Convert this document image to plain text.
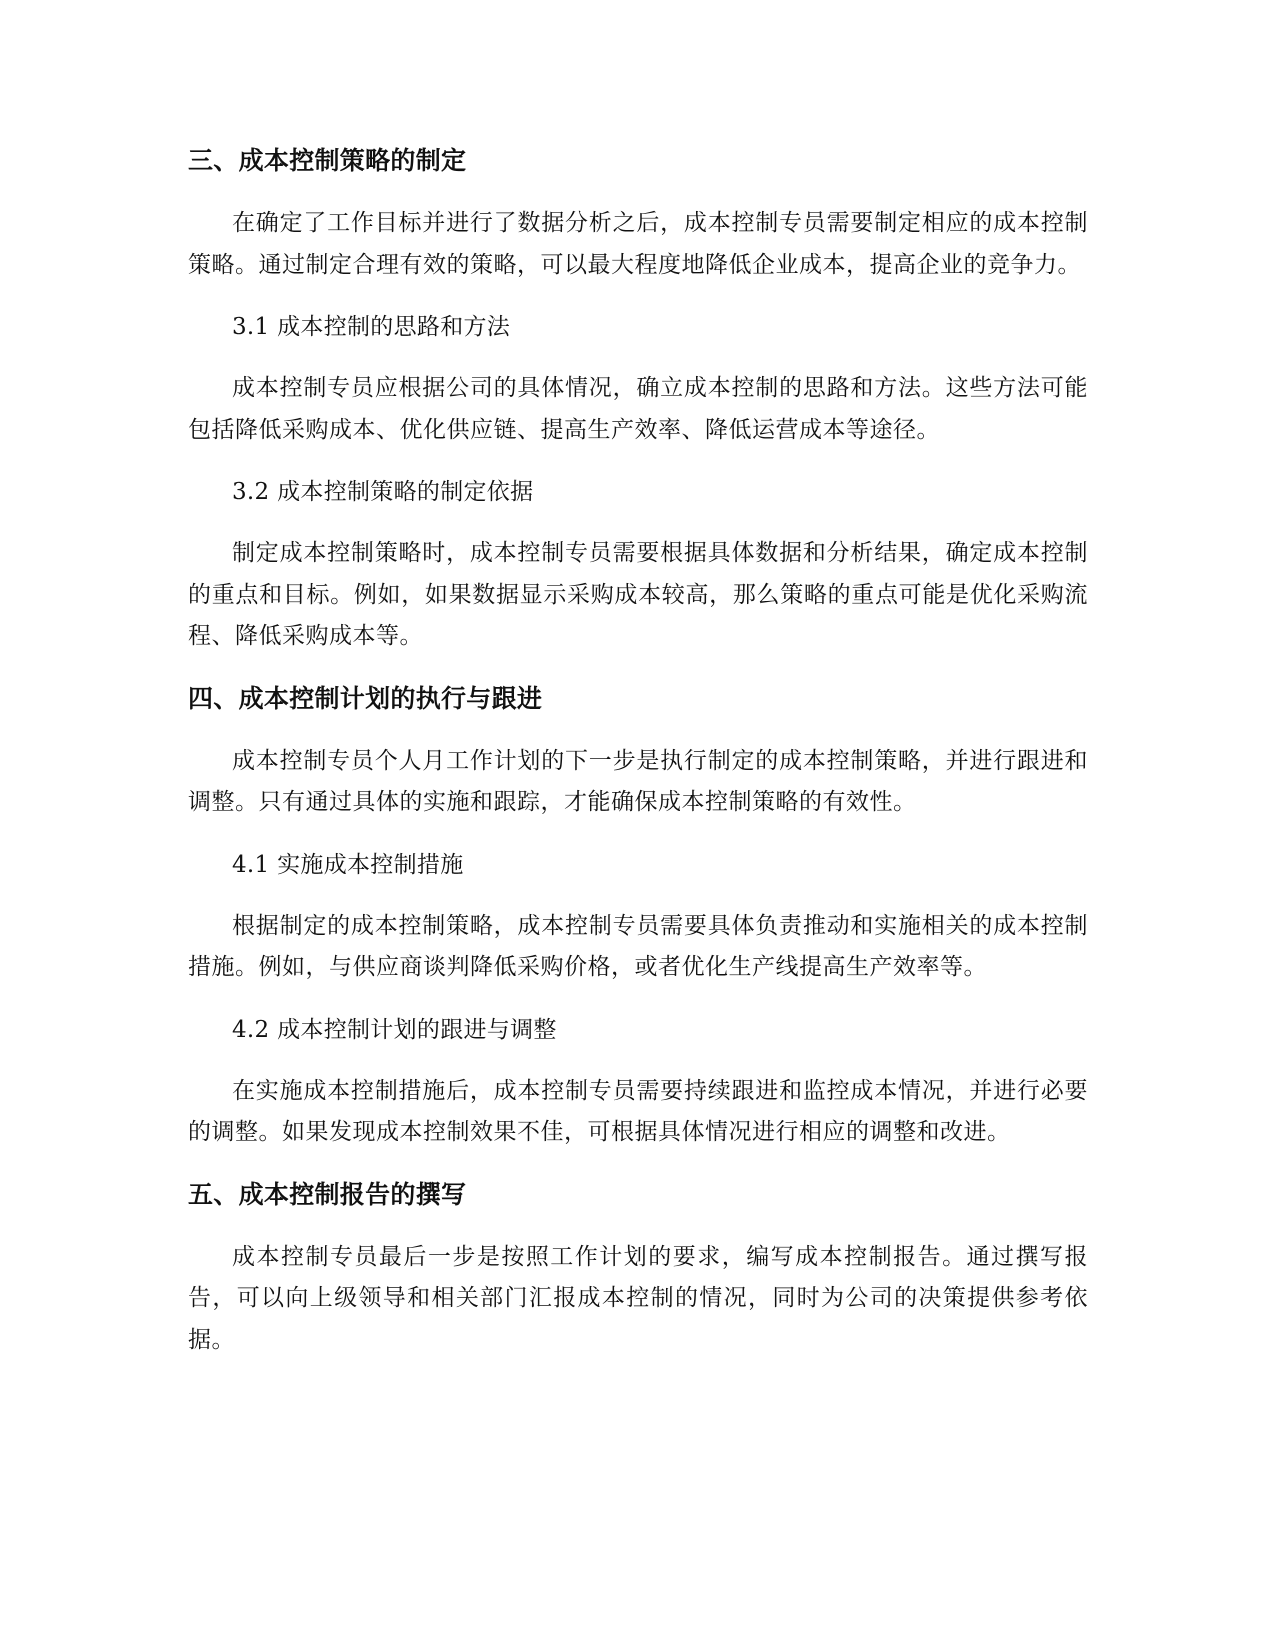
三、成本控制策略的制定

在确定了工作目标并进行了数据分析之后，成本控制专员需要制定相应的成本控制策略。通过制定合理有效的策略，可以最大程度地降低企业成本，提高企业的竞争力。

3.1 成本控制的思路和方法

成本控制专员应根据公司的具体情况，确立成本控制的思路和方法。这些方法可能包括降低采购成本、优化供应链、提高生产效率、降低运营成本等途径。

3.2 成本控制策略的制定依据

制定成本控制策略时，成本控制专员需要根据具体数据和分析结果，确定成本控制的重点和目标。例如，如果数据显示采购成本较高，那么策略的重点可能是优化采购流程、降低采购成本等。

四、成本控制计划的执行与跟进

成本控制专员个人月工作计划的下一步是执行制定的成本控制策略，并进行跟进和调整。只有通过具体的实施和跟踪，才能确保成本控制策略的有效性。

4.1 实施成本控制措施

根据制定的成本控制策略，成本控制专员需要具体负责推动和实施相关的成本控制措施。例如，与供应商谈判降低采购价格，或者优化生产线提高生产效率等。

4.2 成本控制计划的跟进与调整

在实施成本控制措施后，成本控制专员需要持续跟进和监控成本情况，并进行必要的调整。如果发现成本控制效果不佳，可根据具体情况进行相应的调整和改进。

五、成本控制报告的撰写

成本控制专员最后一步是按照工作计划的要求，编写成本控制报告。通过撰写报告，可以向上级领导和相关部门汇报成本控制的情况，同时为公司的决策提供参考依据。
